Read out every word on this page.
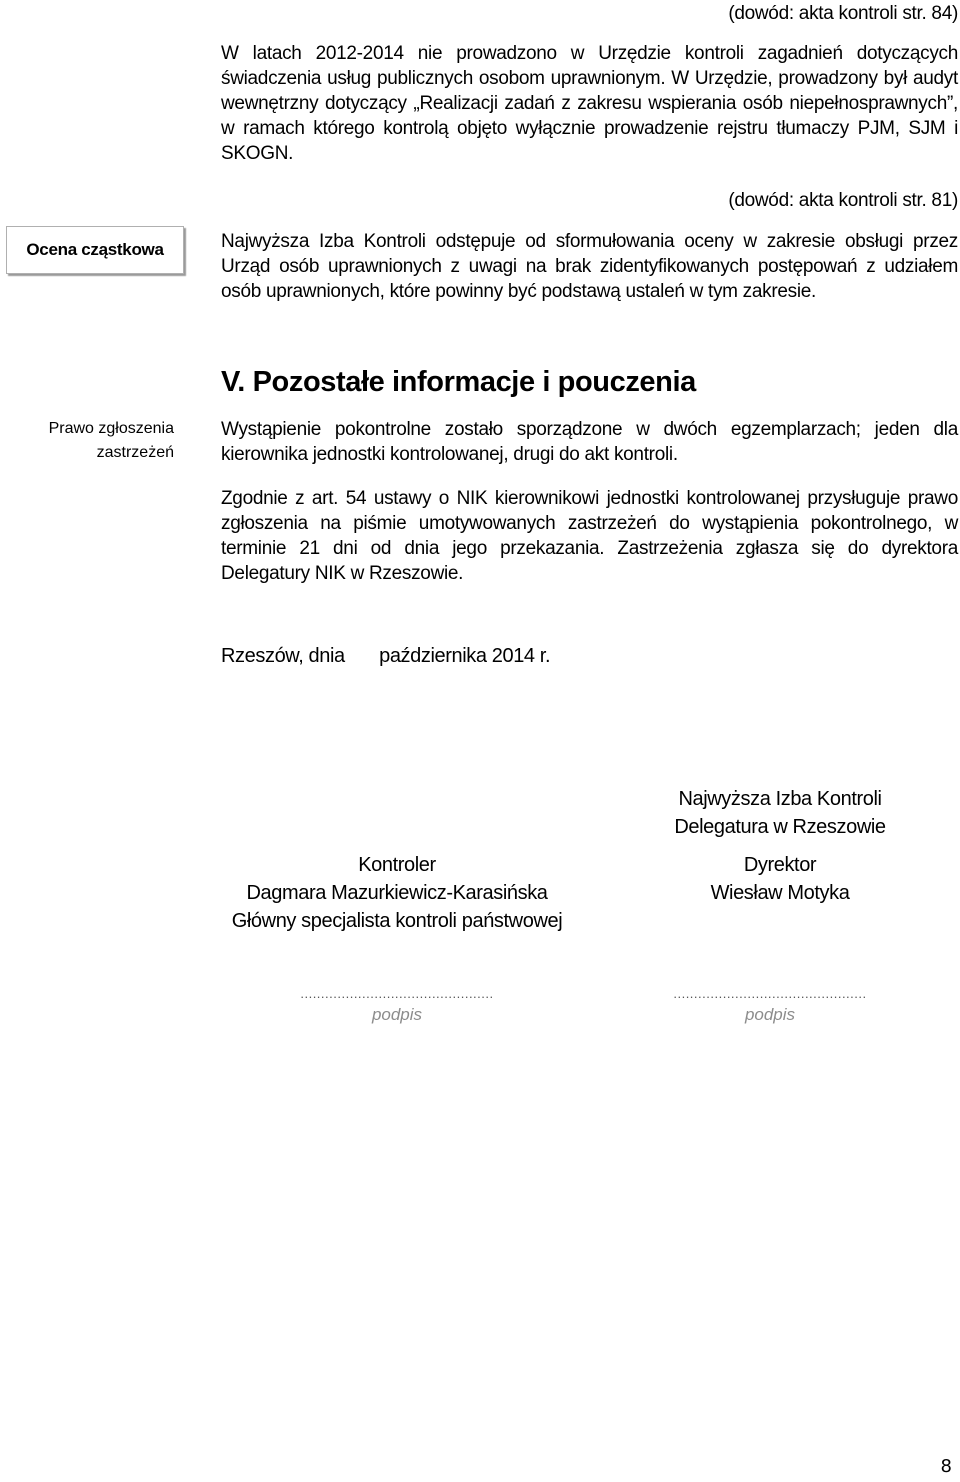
(dowód: akta kontroli str. 84)
W latach 2012-2014 nie prowadzono w Urzędzie kontroli zagadnień dotyczących świadczenia usług publicznych osobom uprawnionym. W Urzędzie, prowadzony był audyt wewnętrzny dotyczący „Realizacji zadań z zakresu wspierania osób niepełnosprawnych”, w ramach którego kontrolą objęto wyłącznie prowadzenie rejstru tłumaczy PJM, SJM i SKOGN.
(dowód: akta kontroli str. 81)
Ocena cząstkowa	Najwyższa Izba Kontroli odstępuje od sformułowania oceny w zakresie obsługi przez Urząd osób uprawnionych z uwagi na brak zidentyfikowanych postępowań z udziałem osób uprawnionych, które powinny być podstawą ustaleń w tym zakresie.
V. Pozostałe informacje i pouczenia
Prawo zgłoszenia zastrzeżeń
Wystąpienie pokontrolne zostało sporządzone w dwóch egzemplarzach; jeden dla kierownika jednostki kontrolowanej, drugi do akt kontroli.
Zgodnie z art. 54 ustawy o NIK kierownikowi jednostki kontrolowanej przysługuje prawo zgłoszenia na piśmie umotywowanych zastrzeżeń do wystąpienia pokontrolnego, w terminie 21 dni od dnia jego przekazania. Zastrzeżenia zgłasza się do dyrektora Delegatury NIK w Rzeszowie.
Rzeszów, dnia października 2014 r.
Najwyższa Izba Kontroli
Delegatura w Rzeszowie
Kontroler
Dagmara Mazurkiewicz-Karasińska
Główny specjalista kontroli państwowej
Dyrektor
Wiesław Motyka
...............................................
podpis
...............................................
podpis
8
